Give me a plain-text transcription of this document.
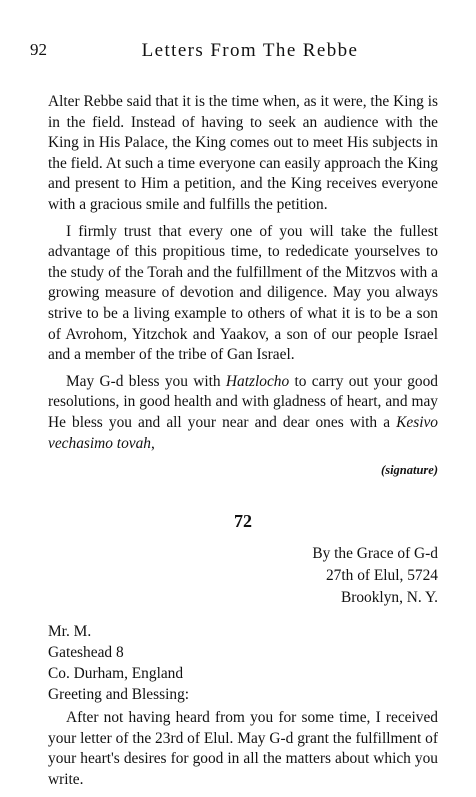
92	Letters From The Rebbe

Alter Rebbe said that it is the time when, as it were, the King is in the field. Instead of having to seek an audience with the King in His Palace, the King comes out to meet His subjects in the field. At such a time everyone can easily approach the King and present to Him a petition, and the King receives everyone with a gracious smile and fulfills the petition.

I firmly trust that every one of you will take the fullest advantage of this propitious time, to rededicate yourselves to the study of the Torah and the fulfillment of the Mitzvos with a growing measure of devotion and diligence. May you always strive to be a living example to others of what it is to be a son of Avrohom, Yitzchok and Yaakov, a son of our people Israel and a member of the tribe of Gan Israel.

May G-d bless you with Hatzlocho to carry out your good resolutions, in good health and with gladness of heart, and may He bless you and all your near and dear ones with a Kesivo vechasimo tovah,

(signature)
72
By the Grace of G-d
27th of Elul, 5724
Brooklyn, N. Y.
Mr. M.
Gateshead 8
Co. Durham, England
Greeting and Blessing:

After not having heard from you for some time, I received your letter of the 23rd of Elul. May G-d grant the fulfillment of your heart's desires for good in all the matters about which you write.
